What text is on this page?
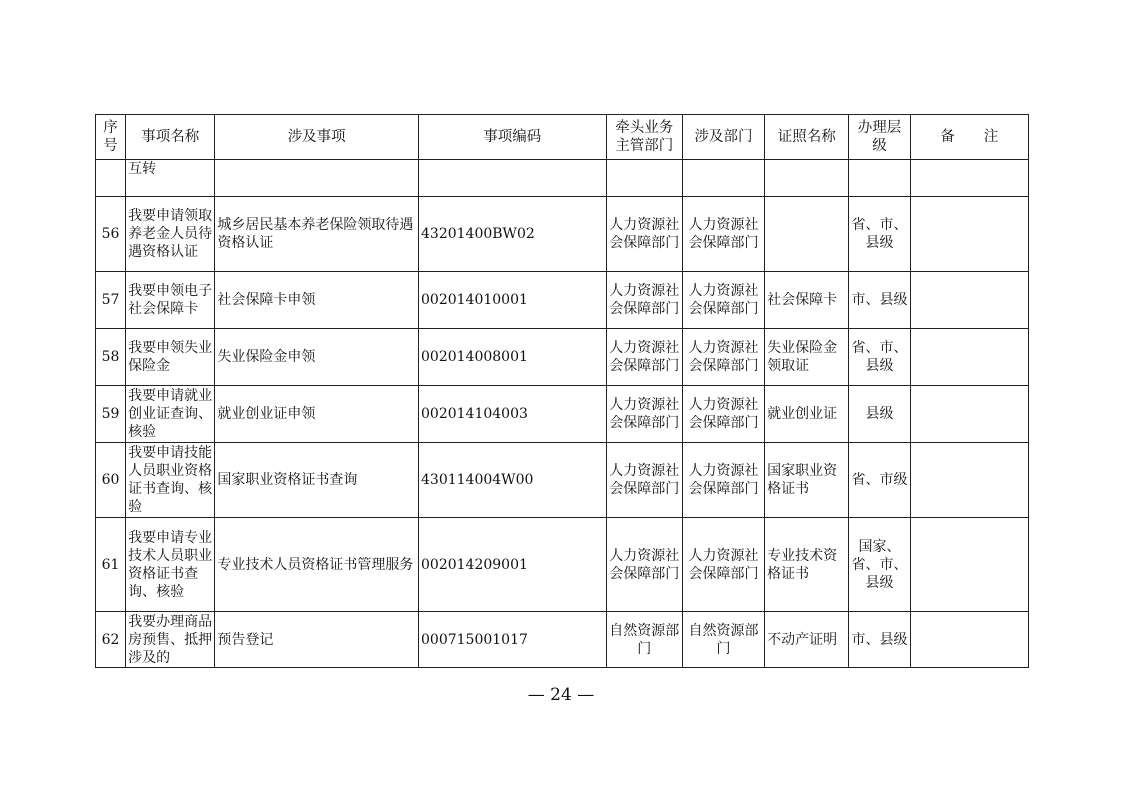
序号	事项名称	涉及事项	事项编码	牵头业务主管部门	涉及部门	证照名称	办理层级	备　　注
	互转							
56	我要申请领取养老金人员待遇资格认证	城乡居民基本养老保险领取待遇资格认证	43201400BW02	人力资源社会保障部门	人力资源社会保障部门		省、市、县级	
57	我要申领电子社会保障卡	社会保障卡申领	002014010001	人力资源社会保障部门	人力资源社会保障部门	社会保障卡	市、县级	
58	我要申领失业保险金	失业保险金申领	002014008001	人力资源社会保障部门	人力资源社会保障部门	失业保险金领取证	省、市、县级	
59	我要申请就业创业证查询、核验	就业创业证申领	002014104003	人力资源社会保障部门	人力资源社会保障部门	就业创业证	县级	
60	我要申请技能人员职业资格证书查询、核验	国家职业资格证书查询	430114004W00	人力资源社会保障部门	人力资源社会保障部门	国家职业资格证书	省、市级	
61	我要申请专业技术人员职业资格证书查询、核验	专业技术人员资格证书管理服务	002014209001	人力资源社会保障部门	人力资源社会保障部门	专业技术资格证书	国家、省、市、县级	
62	我要办理商品房预售、抵押涉及的	预告登记	000715001017	自然资源部门	自然资源部门	不动产证明	市、县级	
— 24 —
